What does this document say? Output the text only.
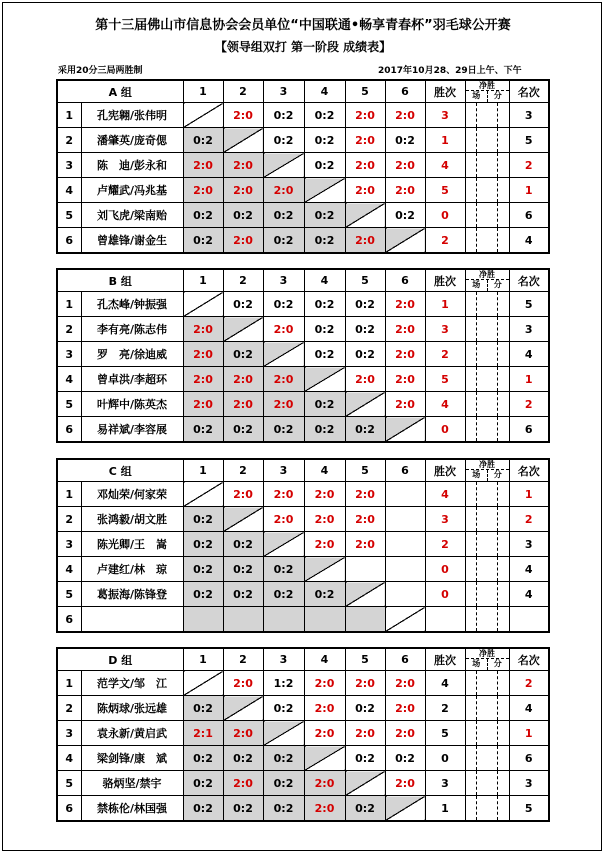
第十三届佛山市信息协会会员单位“中国联通•畅享青春杯”羽毛球公开赛
【领导组双打 第一阶段 成绩表】
采用20分三局两胜制	2017年10月28、29日上午、下午
A 组		1	2	3	4	5	6	胜次	净胜
场 分	名次
1	孔宪翱/张伟明		2:0	0:2	0:2	2:0	2:0	3		3
2	潘肇英/庞奇偲	0:2		0:2	0:2	2:0	0:2	1		5
3	陈　迪/彭永和	2:0	2:0		0:2	2:0	2:0	4		2
4	卢耀武/冯兆基	2:0	2:0	2:0		2:0	2:0	5		1
5	刘飞虎/梁南贻	0:2	0:2	0:2	0:2		0:2	0		6
6	曾雄锋/谢金生	0:2	2:0	0:2	0:2	2:0		2		4
B 组		1	2	3	4	5	6	胜次	净胜
场 分	名次
1	孔杰峰/钟振强		0:2	0:2	0:2	0:2	2:0	1		5
2	李有亮/陈志伟	2:0		2:0	0:2	0:2	2:0	3		3
3	罗　亮/徐迪威	2:0	0:2		0:2	0:2	2:0	2		4
4	曾卓洪/李超环	2:0	2:0	2:0		2:0	2:0	5		1
5	叶辉中/陈英杰	2:0	2:0	2:0	0:2		2:0	4		2
6	易祥斌/李容展	0:2	0:2	0:2	0:2	0:2		0		6
C 组		1	2	3	4	5	6	胜次	净胜
场 分	名次
1	邓灿荣/何家荣		2:0	2:0	2:0	2:0		4		1
2	张鸿毅/胡文胜	0:2		2:0	2:0	2:0		3		2
3	陈光卿/王　嵩	0:2	0:2		2:0	2:0		2		3
4	卢建红/林　琼	0:2	0:2	0:2				0		4
5	葛振海/陈锋登	0:2	0:2	0:2	0:2			0		4
6									

D 组		1	2	3	4	5	6	胜次	净胜
场 分	名次
1	范学文/邹　江		2:0	1:2	2:0	2:0	2:0	4		2
2	陈炳球/张远雄	0:2		0:2	2:0	0:2	2:0	2		4
3	袁永新/黄启武	2:1	2:0		2:0	2:0	2:0	5		1
4	梁剑锋/康　斌	0:2	0:2	0:2		0:2	0:2	0		6
5	骆炳坚/禁宇	0:2	2:0	0:2	2:0		2:0	3		3
6	禁栋伦/林国强	0:2	0:2	0:2	2:0	0:2		1		5
